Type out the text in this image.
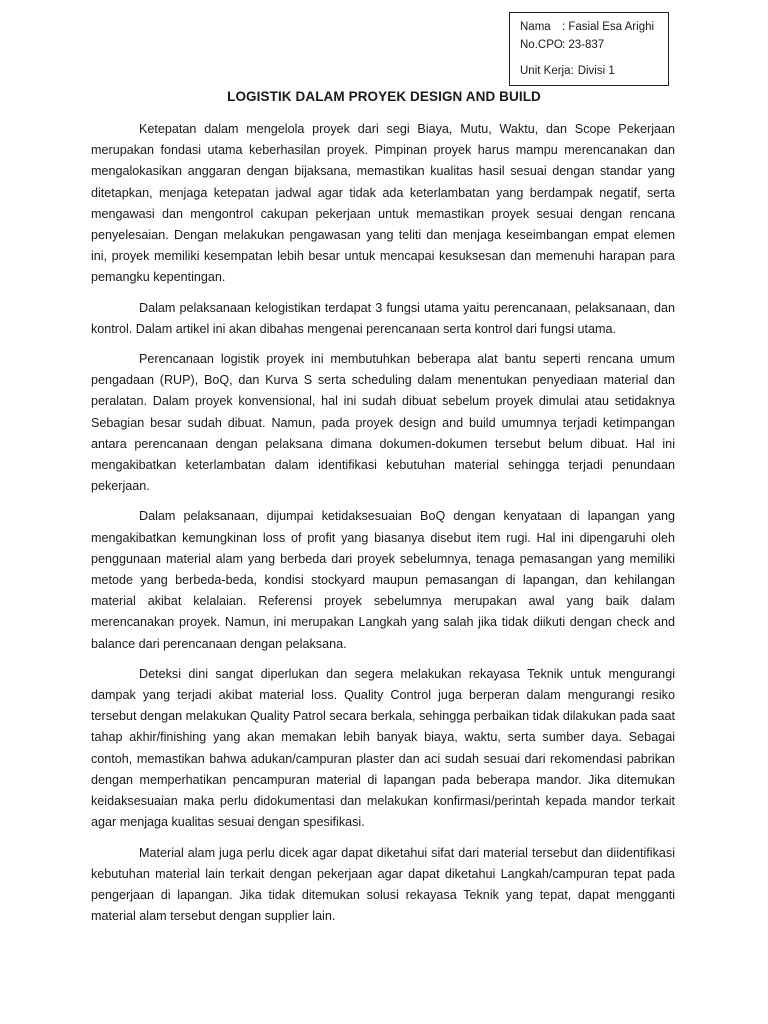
Nama : Fasial Esa Arighi
No.CPO : 23-837
Unit Kerja: Divisi 1
LOGISTIK DALAM PROYEK DESIGN AND BUILD

Ketepatan dalam mengelola proyek dari segi Biaya, Mutu, Waktu, dan Scope Pekerjaan merupakan fondasi utama keberhasilan proyek. Pimpinan proyek harus mampu merencanakan dan mengalokasikan anggaran dengan bijaksana, memastikan kualitas hasil sesuai dengan standar yang ditetapkan, menjaga ketepatan jadwal agar tidak ada keterlambatan yang berdampak negatif, serta mengawasi dan mengontrol cakupan pekerjaan untuk memastikan proyek sesuai dengan rencana penyelesaian. Dengan melakukan pengawasan yang teliti dan menjaga keseimbangan empat elemen ini, proyek memiliki kesempatan lebih besar untuk mencapai kesuksesan dan memenuhi harapan para pemangku kepentingan.

Dalam pelaksanaan kelogistikan terdapat 3 fungsi utama yaitu perencanaan, pelaksanaan, dan kontrol. Dalam artikel ini akan dibahas mengenai perencanaan serta kontrol dari fungsi utama.

Perencanaan logistik proyek ini membutuhkan beberapa alat bantu seperti rencana umum pengadaan (RUP), BoQ, dan Kurva S serta scheduling dalam menentukan penyediaan material dan peralatan. Dalam proyek konvensional, hal ini sudah dibuat sebelum proyek dimulai atau setidaknya Sebagian besar sudah dibuat. Namun, pada proyek design and build umumnya terjadi ketimpangan antara perencanaan dengan pelaksana dimana dokumen-dokumen tersebut belum dibuat. Hal ini mengakibatkan keterlambatan dalam identifikasi kebutuhan material sehingga terjadi penundaan pekerjaan.

Dalam pelaksanaan, dijumpai ketidaksesuaian BoQ dengan kenyataan di lapangan yang mengakibatkan kemungkinan loss of profit yang biasanya disebut item rugi. Hal ini dipengaruhi oleh penggunaan material alam yang berbeda dari proyek sebelumnya, tenaga pemasangan yang memiliki metode yang berbeda-beda, kondisi stockyard maupun pemasangan di lapangan, dan kehilangan material akibat kelalaian. Referensi proyek sebelumnya merupakan awal yang baik dalam merencanakan proyek. Namun, ini merupakan Langkah yang salah jika tidak diikuti dengan check and balance dari perencanaan dengan pelaksana.

Deteksi dini sangat diperlukan dan segera melakukan rekayasa Teknik untuk mengurangi dampak yang terjadi akibat material loss. Quality Control juga berperan dalam mengurangi resiko tersebut dengan melakukan Quality Patrol secara berkala, sehingga perbaikan tidak dilakukan pada saat tahap akhir/finishing yang akan memakan lebih banyak biaya, waktu, serta sumber daya. Sebagai contoh, memastikan bahwa adukan/campuran plaster dan aci sudah sesuai dari rekomendasi pabrikan dengan memperhatikan pencampuran material di lapangan pada beberapa mandor. Jika ditemukan keidaksesuaian maka perlu didokumentasi dan melakukan konfirmasi/perintah kepada mandor terkait agar menjaga kualitas sesuai dengan spesifikasi.

Material alam juga perlu dicek agar dapat diketahui sifat dari material tersebut dan diidentifikasi kebutuhan material lain terkait dengan pekerjaan agar dapat diketahui Langkah/campuran tepat pada pengerjaan di lapangan. Jika tidak ditemukan solusi rekayasa Teknik yang tepat, dapat mengganti material alam tersebut dengan supplier lain.
